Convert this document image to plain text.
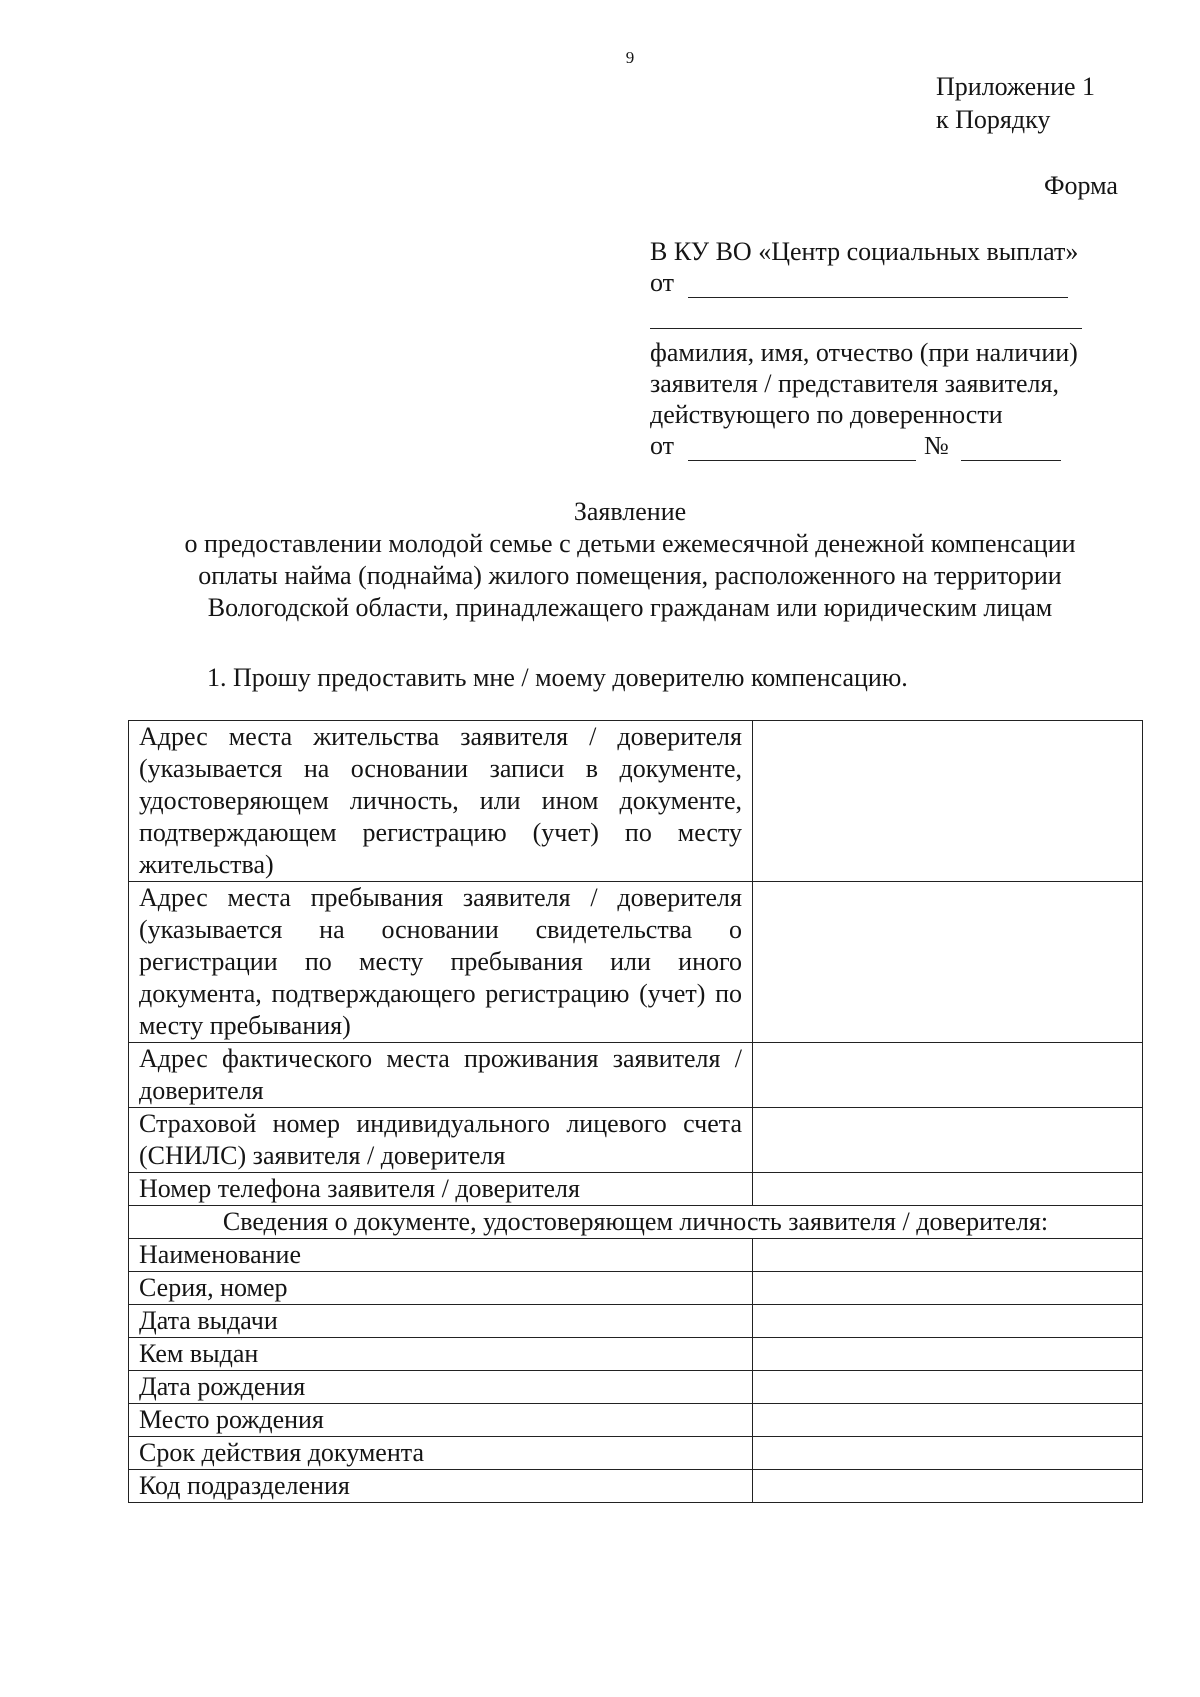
9
Приложение 1
к Порядку
Форма
В КУ ВО «Центр социальных выплат»
от
фамилия, имя, отчество (при наличии)
заявителя / представителя заявителя,
действующего по доверенности
от	№
Заявление
о предоставлении молодой семье с детьми ежемесячной денежной компенсации
оплаты найма (поднайма) жилого помещения, расположенного на территории
Вологодской области, принадлежащего гражданам или юридическим лицам
1. Прошу предоставить мне / моему доверителю компенсацию.
Адрес места жительства заявителя / доверителя (указывается на основании записи в документе, удостоверяющем личность, или ином документе, подтверждающем регистрацию (учет) по месту жительства)	
Адрес места пребывания заявителя / доверителя (указывается на основании свидетельства о регистрации по месту пребывания или иного документа, подтверждающего регистрацию (учет) по месту пребывания)	
Адрес фактического места проживания заявителя / доверителя	
Страховой номер индивидуального лицевого счета (СНИЛС) заявителя / доверителя	
Номер телефона заявителя / доверителя	
Сведения о документе, удостоверяющем личность заявителя / доверителя:	
Наименование	
Серия, номер	
Дата выдачи	
Кем выдан	
Дата рождения	
Место рождения	
Срок действия документа	
Код подразделения	
